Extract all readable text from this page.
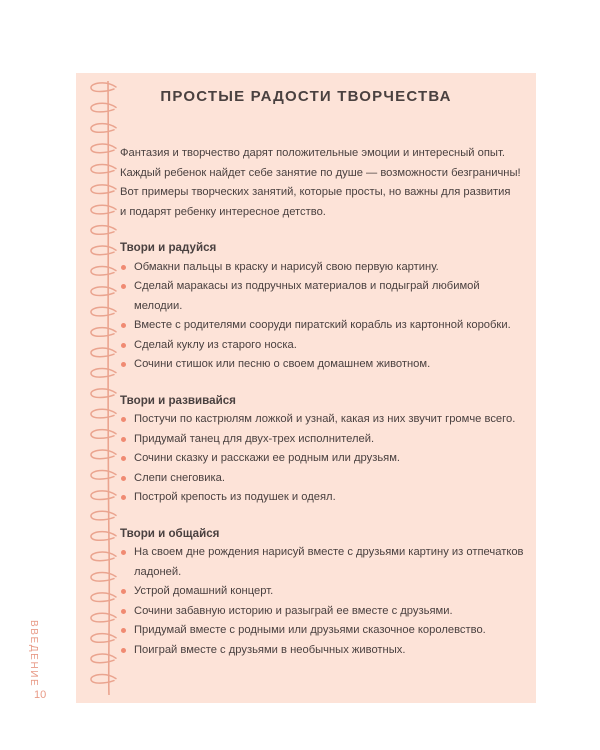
ПРОСТЫЕ РАДОСТИ ТВОРЧЕСТВА

Фантазия и творчество дарят положительные эмоции и интересный опыт.
Каждый ребенок найдет себе занятие по душе — возможности безграничны!
Вот примеры творческих занятий, которые просты, но важны для развития
и подарят ребенку интересное детство.

Твори и радуйся

Обмакни пальцы в краску и нарисуй свою первую картину.
Сделай маракасы из подручных материалов и подыграй любимой мелодии.
Вместе с родителями сооруди пиратский корабль из картонной коробки.
Сделай куклу из старого носка.
Сочини стишок или песню о своем домашнем животном.

Твори и развивайся

Постучи по кастрюлям ложкой и узнай, какая из них звучит громче всего.
Придумай танец для двух-трех исполнителей.
Сочини сказку и расскажи ее родным или друзьям.
Слепи снеговика.
Построй крепость из подушек и одеял.

Твори и общайся

На своем дне рождения нарисуй вместе с друзьями картину из отпечатков
ладоней.
Устрой домашний концерт.
Сочини забавную историю и разыграй ее вместе с друзьями.
Придумай вместе с родными или друзьями сказочное королевство.
Поиграй вместе с друзьями в необычных животных.
ВВЕДЕНИЕ
10
